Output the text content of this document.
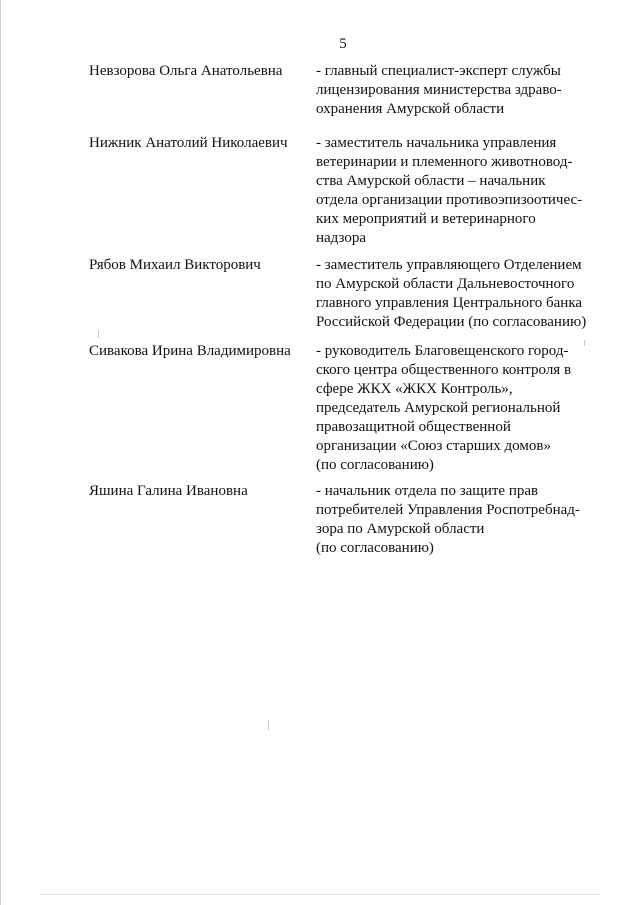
5
Невзорова Ольга Анатольевна	- главный специалист-эксперт службы
лицензирования министерства здраво-
охранения Амурской области
Нижник Анатолий Николаевич	- заместитель начальника управления
ветеринарии и племенного животновод-
ства Амурской области – начальник
отдела организации противоэпизоотичес-
ких мероприятий и ветеринарного
надзора
Рябов Михаил Викторович	- заместитель управляющего Отделением
по Амурской области Дальневосточного
главного управления Центрального банка
Российской Федерации (по согласованию)
Сивакова Ирина Владимировна	- руководитель Благовещенского город-
ского центра общественного контроля в
сфере ЖКХ «ЖКХ Контроль»,
председатель Амурской региональной
правозащитной общественной
организации «Союз старших домов»
(по согласованию)
Яшина Галина Ивановна	- начальник отдела по защите прав
потребителей Управления Роспотребнад-
зора по Амурской области
(по согласованию)
